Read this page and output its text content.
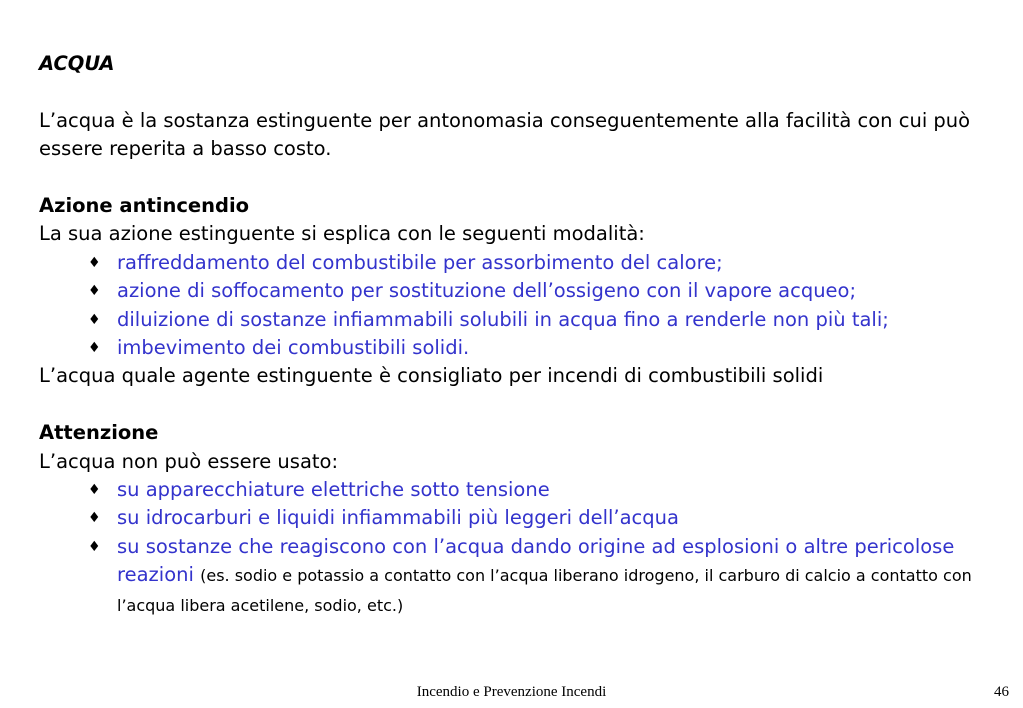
ACQUA

L’acqua è la sostanza estinguente per antonomasia conseguentemente alla facilità con cui può essere reperita a basso costo.

Azione antincendio

La sua azione estinguente si esplica con le seguenti modalità:

♦ raffreddamento del combustibile per assorbimento del calore;
♦ azione di soffocamento per sostituzione dell’ossigeno con il vapore acqueo;
♦ diluizione di sostanze infiammabili solubili in acqua fino a renderle non più tali;
♦ imbevimento dei combustibili solidi.

L’acqua quale agente estinguente è consigliato per incendi di combustibili solidi

Attenzione

L’acqua non può essere usato:

♦ su apparecchiature elettriche sotto tensione
♦ su idrocarburi e liquidi infiammabili più leggeri dell’acqua
♦ su sostanze che reagiscono con l’acqua dando origine ad esplosioni o altre pericolose reazioni (es. sodio e potassio a contatto con l’acqua liberano idrogeno, il carburo di calcio a contatto con l’acqua libera acetilene, sodio, etc.)
Incendio e Prevenzione Incendi	46
